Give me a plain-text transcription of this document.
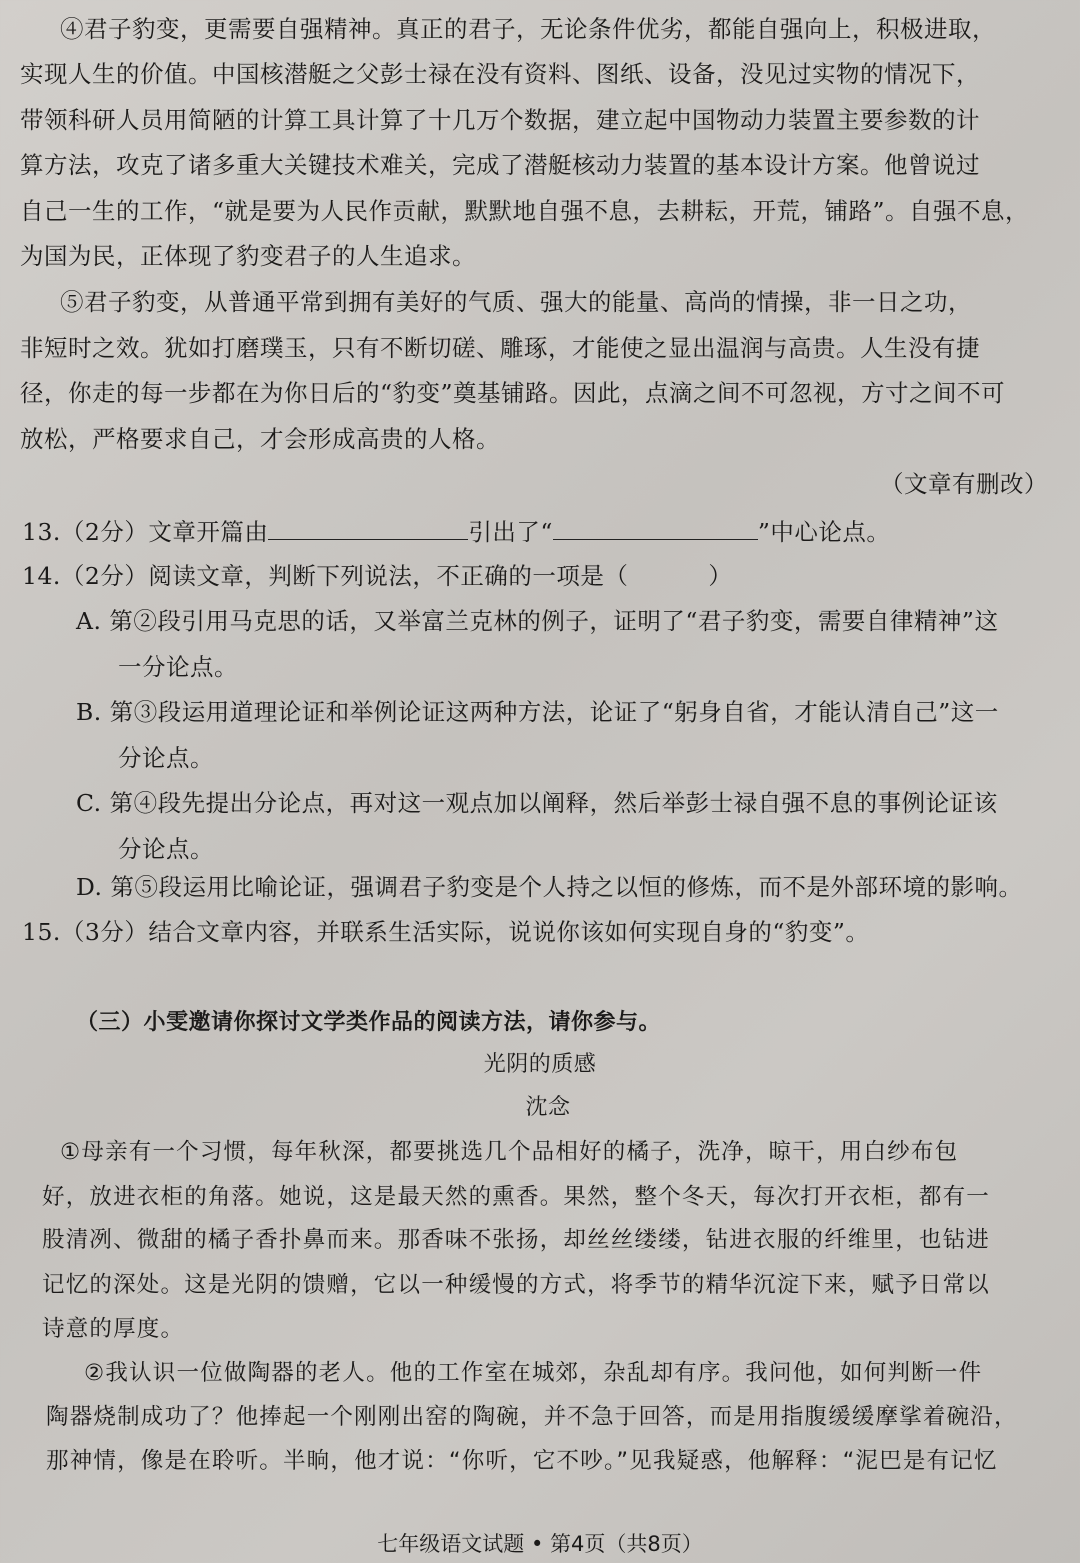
④君子豹变，更需要自强精神。真正的君子，无论条件优劣，都能自强向上，积极进取，
实现人生的价值。中国核潜艇之父彭士禄在没有资料、图纸、设备，没见过实物的情况下，
带领科研人员用简陋的计算工具计算了十几万个数据，建立起中国物动力装置主要参数的计
算方法，攻克了诸多重大关键技术难关，完成了潜艇核动力装置的基本设计方案。他曾说过
自己一生的工作，“就是要为人民作贡献，默默地自强不息，去耕耘，开荒，铺路”。自强不息，
为国为民，正体现了豹变君子的人生追求。
⑤君子豹变，从普通平常到拥有美好的气质、强大的能量、高尚的情操，非一日之功，
非短时之效。犹如打磨璞玉，只有不断切磋、雕琢，才能使之显出温润与高贵。人生没有捷
径，你走的每一步都在为你日后的“豹变”奠基铺路。因此，点滴之间不可忽视，方寸之间不可
放松，严格要求自己，才会形成高贵的人格。
（文章有删改）
13.（2分）文章开篇由	引出了“	”中心论点。
14.（2分）阅读文章，判断下列说法，不正确的一项是（	）
A. 第②段引用马克思的话，又举富兰克林的例子，证明了“君子豹变，需要自律精神”这
一分论点。
B. 第③段运用道理论证和举例论证这两种方法，论证了“躬身自省，才能认清自己”这一
分论点。
C. 第④段先提出分论点，再对这一观点加以阐释，然后举彭士禄自强不息的事例论证该
分论点。
D. 第⑤段运用比喻论证，强调君子豹变是个人持之以恒的修炼，而不是外部环境的影响。
15.（3分）结合文章内容，并联系生活实际，说说你该如何实现自身的“豹变”。
（三）小雯邀请你探讨文学类作品的阅读方法，请你参与。
光阴的质感
沈念
①母亲有一个习惯，每年秋深，都要挑选几个品相好的橘子，洗净，晾干，用白纱布包
好，放进衣柜的角落。她说，这是最天然的熏香。果然，整个冬天，每次打开衣柜，都有一
股清冽、微甜的橘子香扑鼻而来。那香味不张扬，却丝丝缕缕，钻进衣服的纤维里，也钻进
记忆的深处。这是光阴的馈赠，它以一种缓慢的方式，将季节的精华沉淀下来，赋予日常以
诗意的厚度。
②我认识一位做陶器的老人。他的工作室在城郊，杂乱却有序。我问他，如何判断一件
陶器烧制成功了？他捧起一个刚刚出窑的陶碗，并不急于回答，而是用指腹缓缓摩挲着碗沿，
那神情，像是在聆听。半晌，他才说：“你听，它不吵。”见我疑惑，他解释：“泥巴是有记忆
七年级语文试题 • 第4页（共8页）
